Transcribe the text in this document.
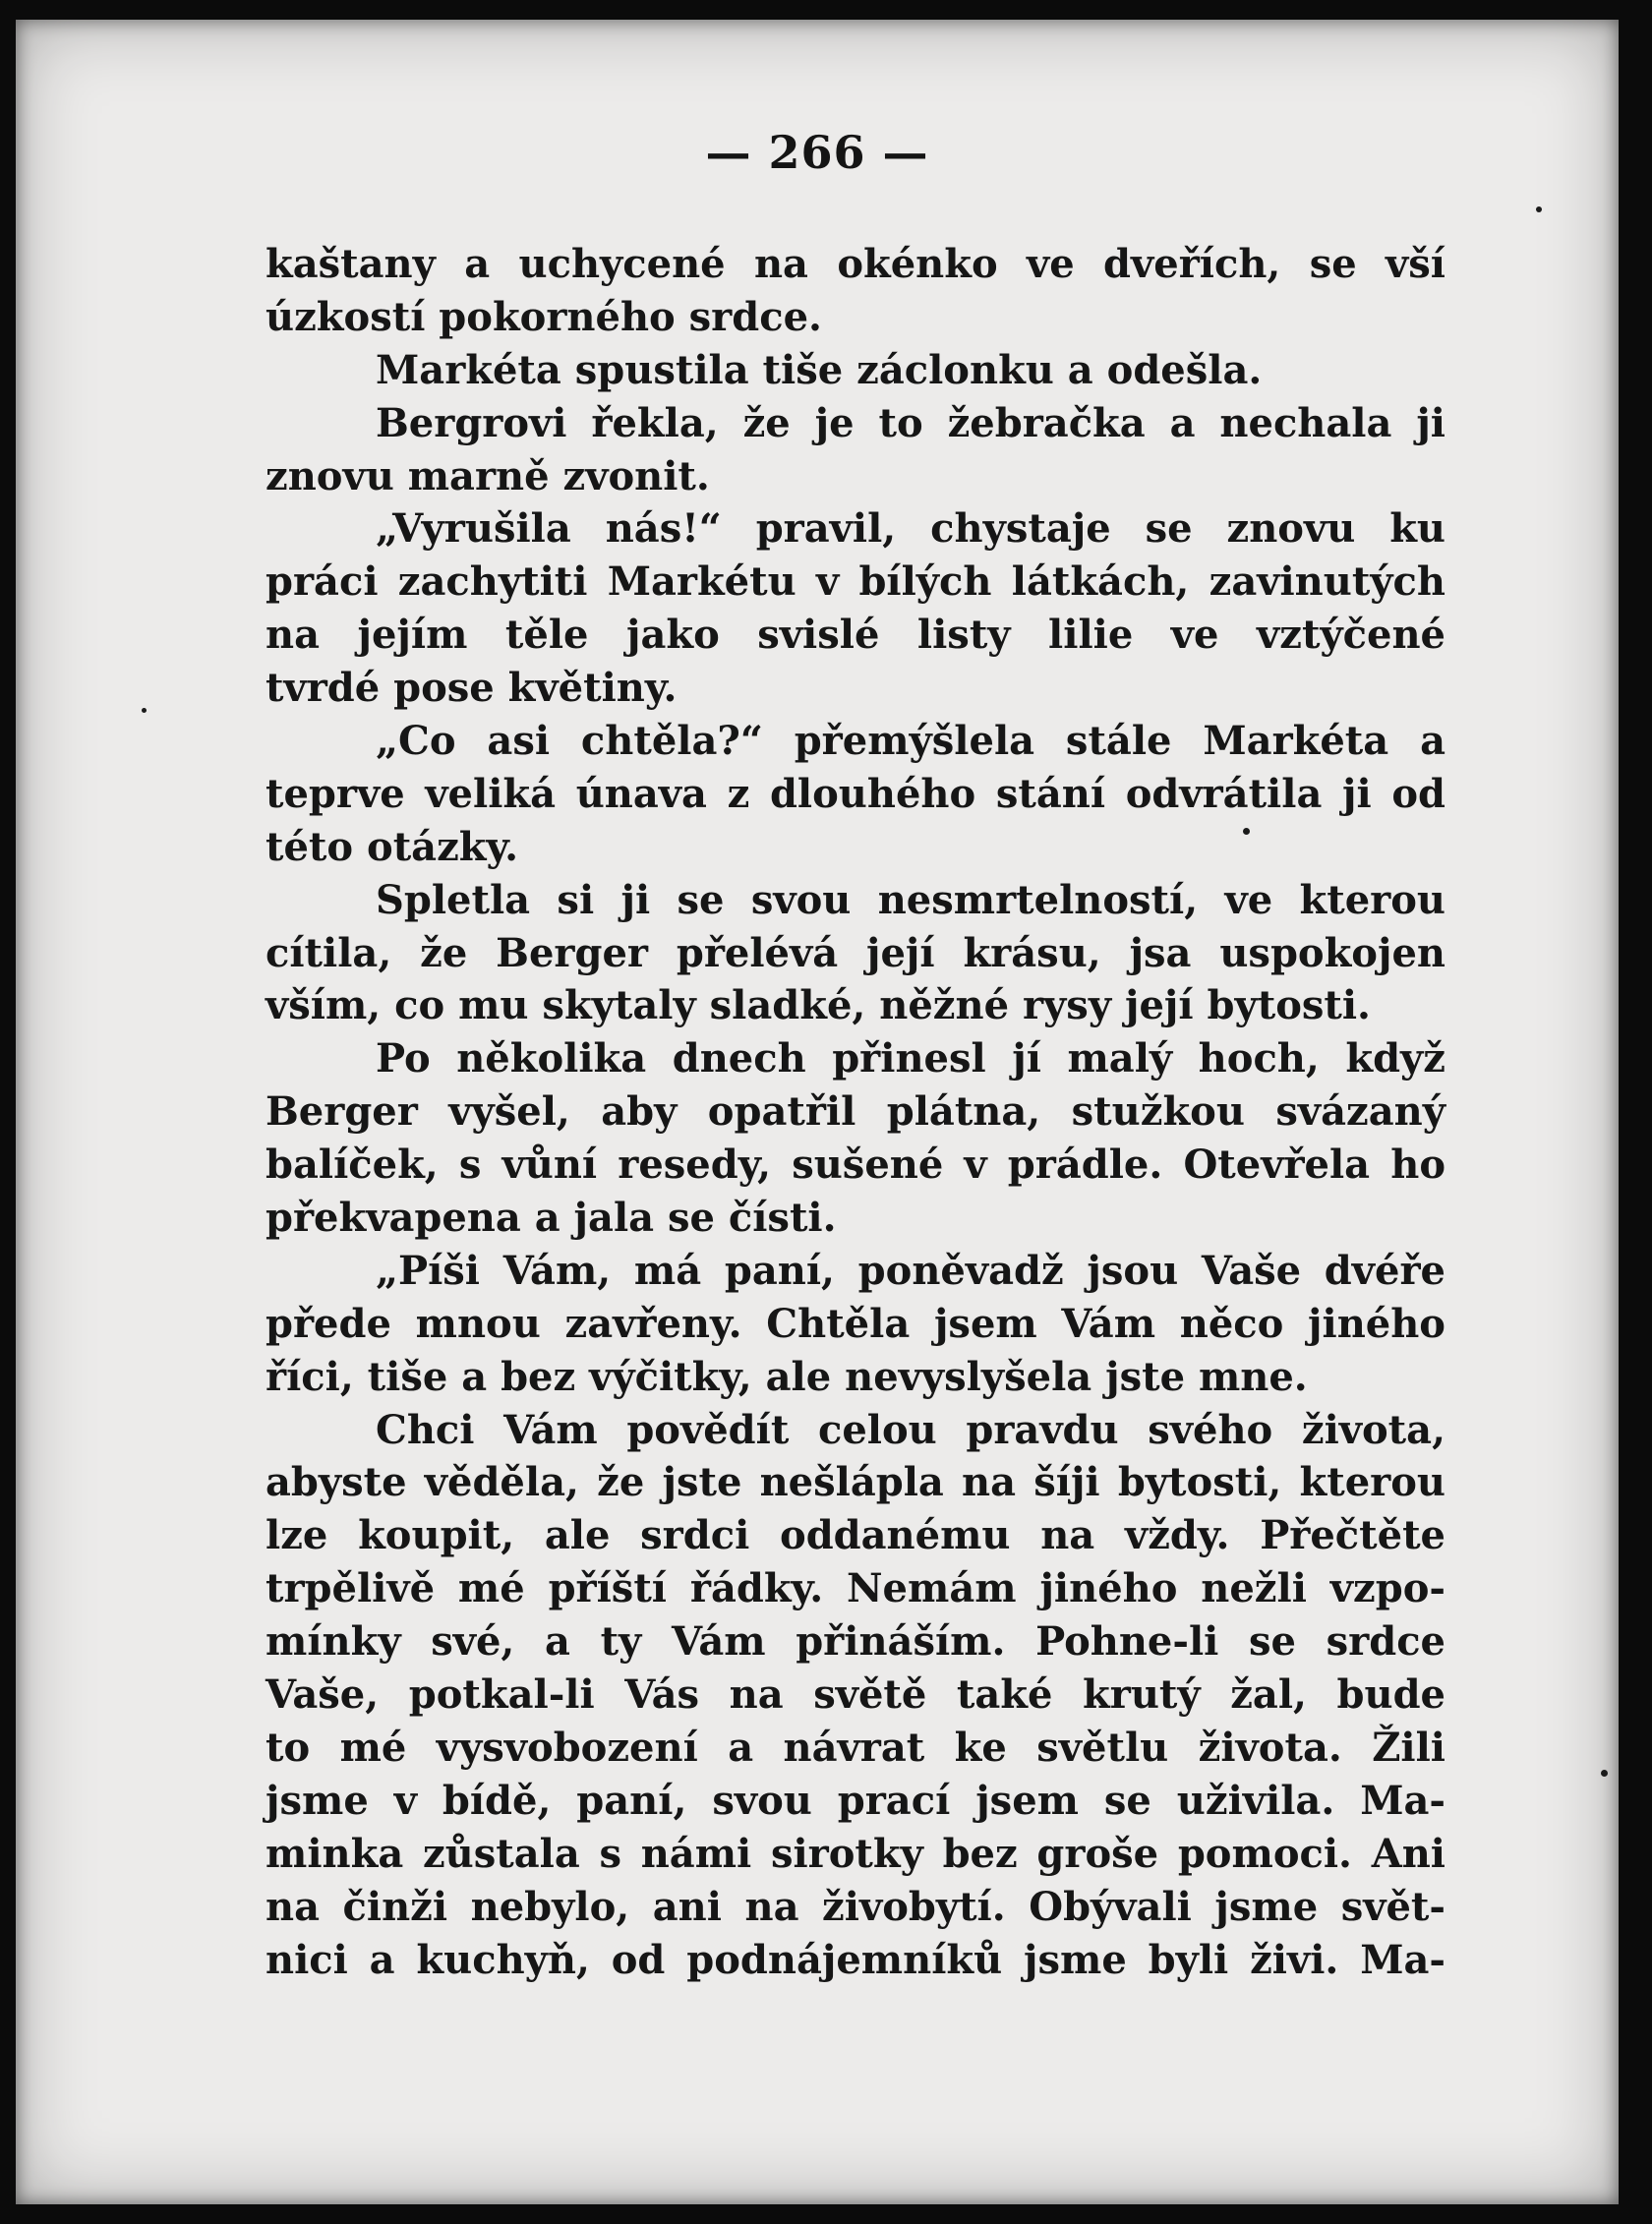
— 266 —
kaštany a uchycené na okénko ve dveřích, se vší
úzkostí pokorného srdce.
Markéta spustila tiše záclonku a odešla.
Bergrovi řekla, že je to žebračka a nechala ji
znovu marně zvonit.
„Vyrušila nás!“ pravil, chystaje se znovu ku
práci zachytiti Markétu v bílých látkách, zavinutých
na jejím těle jako svislé listy lilie ve vztýčené
tvrdé pose květiny.
„Co asi chtěla?“ přemýšlela stále Markéta a
teprve veliká únava z dlouhého stání odvrátila ji od
této otázky.
Spletla si ji se svou nesmrtelností, ve kterou
cítila, že Berger přelévá její krásu, jsa uspokojen
vším, co mu skytaly sladké, něžné rysy její bytosti.
Po několika dnech přinesl jí malý hoch, když
Berger vyšel, aby opatřil plátna, stužkou svázaný
balíček, s vůní resedy, sušené v prádle. Otevřela ho
překvapena a jala se čísti.
„Píši Vám, má paní, poněvadž jsou Vaše dvéře
přede mnou zavřeny. Chtěla jsem Vám něco jiného
říci, tiše a bez výčitky, ale nevyslyšela jste mne.
Chci Vám povědít celou pravdu svého života,
abyste věděla, že jste nešlápla na šíji bytosti, kterou
lze koupit, ale srdci oddanému na vždy. Přečtěte
trpělivě mé příští řádky. Nemám jiného nežli vzpo-
mínky své, a ty Vám přináším. Pohne-li se srdce
Vaše, potkal-li Vás na světě také krutý žal, bude
to mé vysvobození a návrat ke světlu života. Žili
jsme v bídě, paní, svou prací jsem se uživila. Ma-
minka zůstala s námi sirotky bez groše pomoci. Ani
na činži nebylo, ani na živobytí. Obývali jsme svět-
nici a kuchyň, od podnájemníků jsme byli živi. Ma-
